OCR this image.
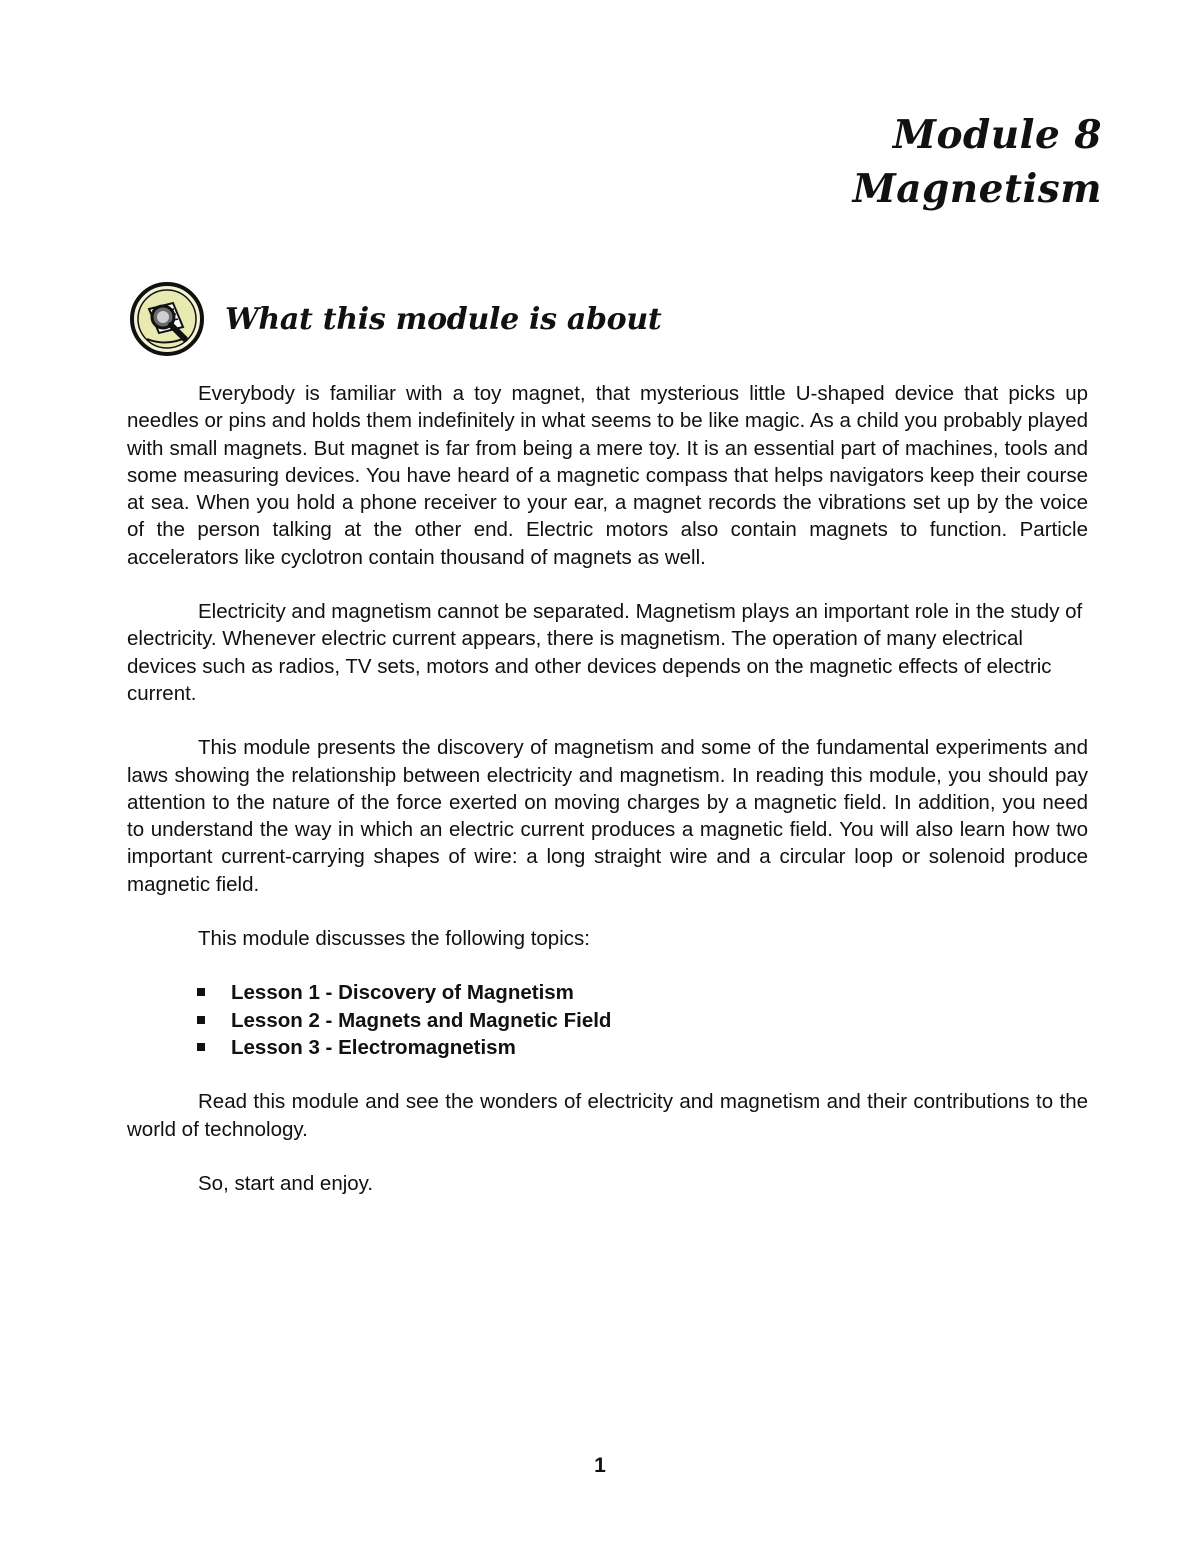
Module 8
Magnetism
What this module is about

Everybody is familiar with a toy magnet, that mysterious little U-shaped device that picks up needles or pins and holds them indefinitely in what seems to be like magic. As a child you probably played with small magnets. But magnet is far from being a mere toy. It is an essential part of machines, tools and some measuring devices. You have heard of a magnetic compass that helps navigators keep their course at sea. When you hold a phone receiver to your ear, a magnet records the vibrations set up by the voice of the person talking at the other end. Electric motors also contain magnets to function. Particle accelerators like cyclotron contain thousand of magnets as well.

Electricity and magnetism cannot be separated. Magnetism plays an important role in the study of electricity. Whenever electric current appears, there is magnetism. The operation of many electrical devices such as radios, TV sets, motors and other devices depends on the magnetic effects of electric current.

This module presents the discovery of magnetism and some of the fundamental experiments and laws showing the relationship between electricity and magnetism. In reading this module, you should pay attention to the nature of the force exerted on moving charges by a magnetic field. In addition, you need to understand the way in which an electric current produces a magnetic field. You will also learn how two important current-carrying shapes of wire: a long straight wire and a circular loop or solenoid produce magnetic field.

This module discusses the following topics:

Lesson 1 - Discovery of Magnetism
Lesson 2 - Magnets and Magnetic Field
Lesson 3 - Electromagnetism

Read this module and see the wonders of electricity and magnetism and their contributions to the world of technology.

So, start and enjoy.

1
